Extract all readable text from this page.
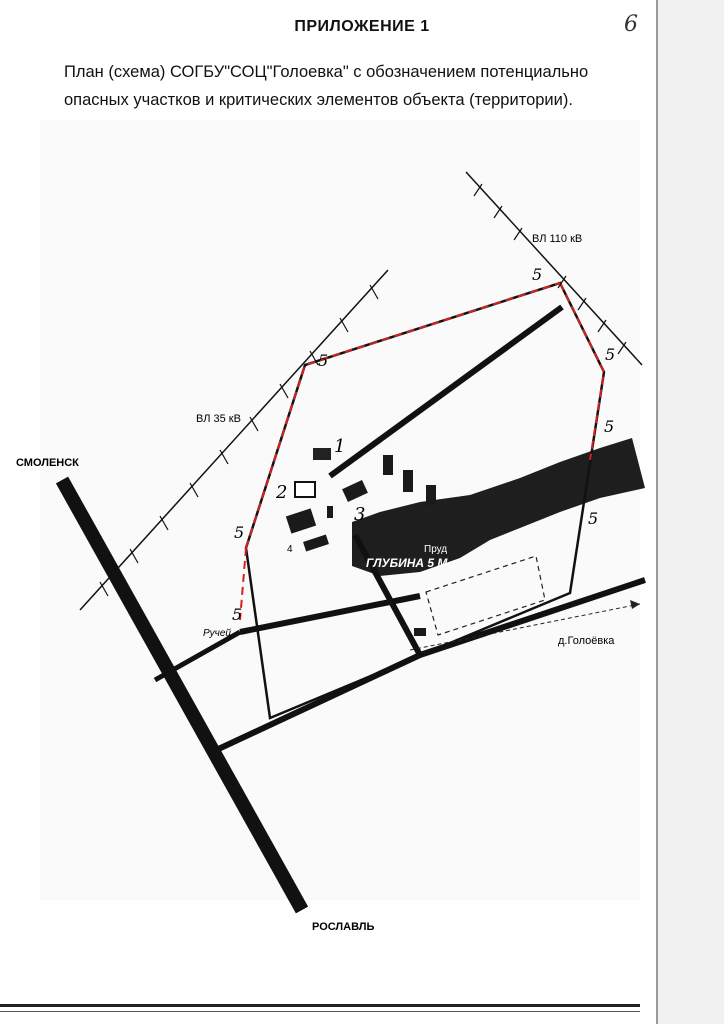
ПРИЛОЖЕНИЕ 1	6
План (схема) СОГБУ"СОЦ"Голоевка" с обозначением потенциально
опасных участков и критических элементов объекта (территории).
ВЛ 110 кВ
ВЛ 35 кВ
СМОЛЕНСК
РОСЛАВЛЬ
д.Голоёвка
Ручей
Пруд
ГЛУБИНА 5 М.
1
2
3
4
5
5
5
5
5
5
5
